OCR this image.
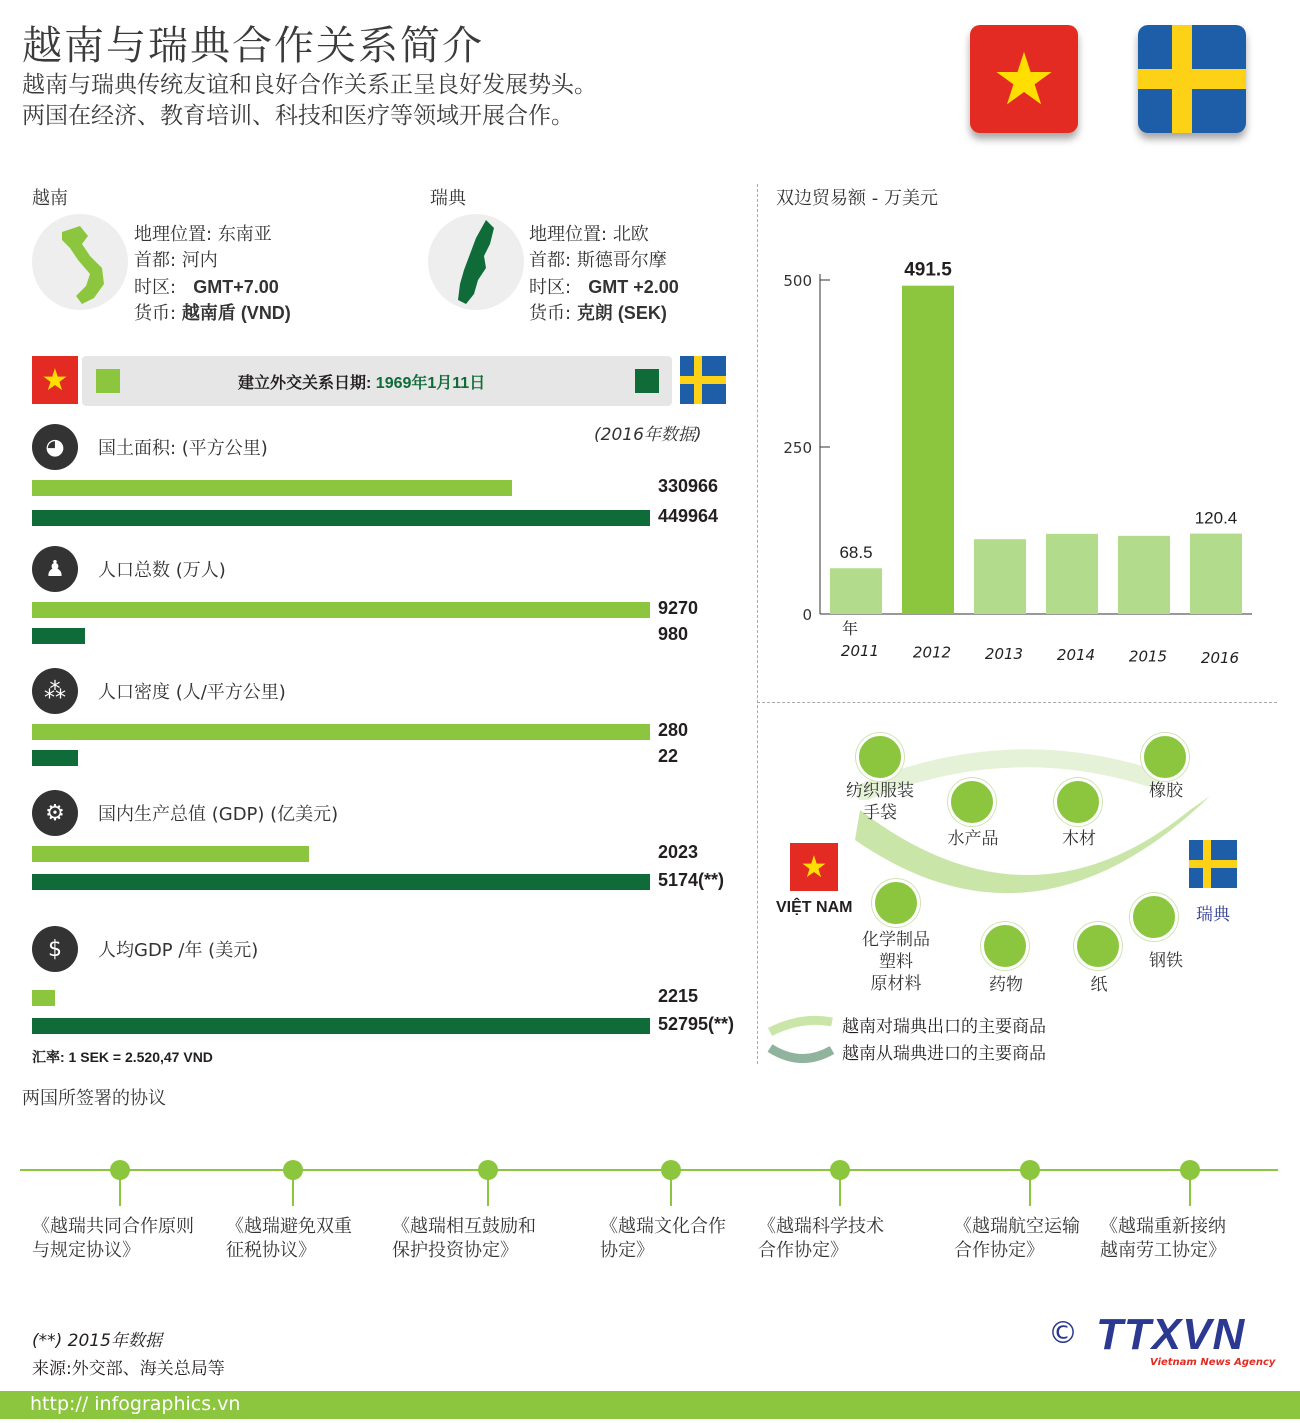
越南与瑞典合作关系简介
越南与瑞典传统友谊和良好合作关系正呈良好发展势头。
两国在经济、教育培训、科技和医疗等领域开展合作。	★
越南
地理位置: 东南亚
首都: 河内
时区: GMT+7.00
货币: 越南盾 (VND)
瑞典
地理位置: 北欧
首都: 斯德哥尔摩
时区: GMT +2.00
货币: 克朗 (SEK)
★	建立外交关系日期: 1969年1月11日
(2016年数据)
◕	国土面积: (平方公里)
330966
449964
♟	人口总数 (万人)
9270
980
⁂	人口密度 (人/平方公里)
280
22
⚙	国内生产总值 (GDP) (亿美元)
2023
5174(**)
$	人均GDP /年 (美元)
2215
52795(**)
汇率: 1 SEK = 2.520,47 VND
双边贸易额 - 万美元
0
250
500
68.5
2011
491.5
2012 2013 2014 2015
120.4
2016
年
★
VIỆT NAM	瑞典
纺织服装
手袋
水产品	木材
橡胶
化学制品
塑料
原材料	药物	纸
钢铁
越南对瑞典出口的主要商品
越南从瑞典进口的主要商品
两国所签署的协议
《越瑞共同合作原则
与规定协议》
《越瑞避免双重
征税协议》
《越瑞相互鼓励和
保护投资协定》
《越瑞文化合作
协定》
《越瑞科学技术
合作协定》
《越瑞航空运输
合作协定》
《越瑞重新接纳
越南劳工协定》
(**) 2015年数据
来源:外交部、海关总局等
© TTXVN
Vietnam News Agency
http:// infographics.vn
